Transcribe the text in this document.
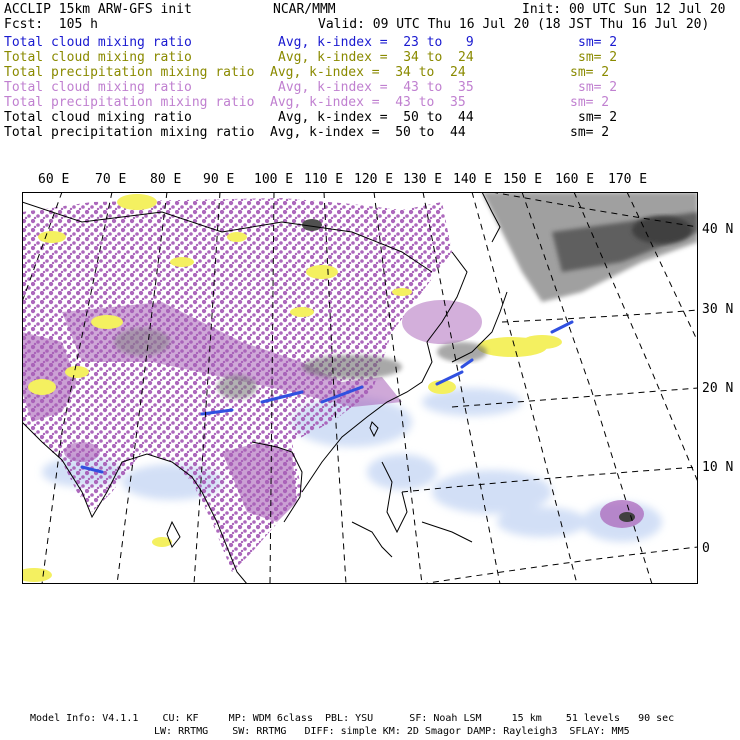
ACCLIP 15km ARW-GFS init	NCAR/MMM	Init: 00 UTC Sun 12 Jul 20
Fcst:  105 h	Valid: 09 UTC Thu 16 Jul 20 (18 JST Thu 16 Jul 20)
Total cloud mixing ratio	Avg, k-index =  23 to   9	sm= 2
Total cloud mixing ratio	Avg, k-index =  34 to  24	sm= 2
Total precipitation mixing ratio Avg, k-index =  34 to  24	sm= 2
Total cloud mixing ratio	Avg, k-index =  43 to  35	sm= 2
Total precipitation mixing ratio Avg, k-index =  43 to  35	sm= 2
Total cloud mixing ratio	Avg, k-index =  50 to  44	sm= 2
Total precipitation mixing ratio Avg, k-index =  50 to  44	sm= 2
60 E 70 E 80 E 90 E 100 E 110 E 120 E 130 E 140 E 150 E 160 E 170 E
40 N
30 N
20 N
10 N
0
Model Info: V4.1.1    CU: KF     MP: WDM 6class  PBL: YSU      SF: Noah LSM     15 km    51 levels   90 sec
LW: RRTMG    SW: RRTMG   DIFF: simple KM: 2D Smagor DAMP: Rayleigh3  SFLAY: MM5
